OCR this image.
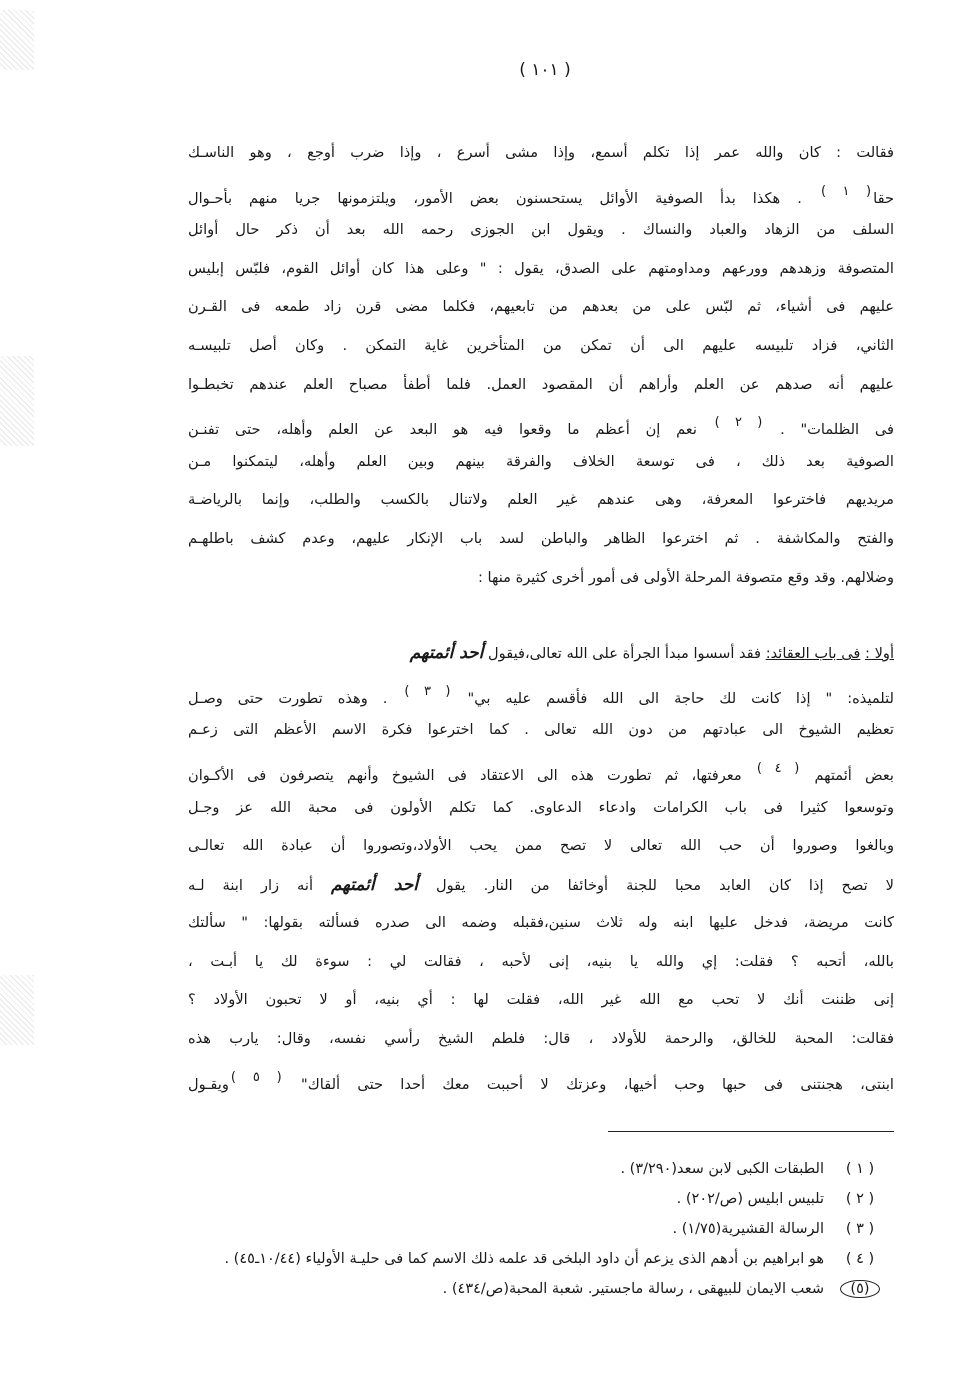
( ١٠١ )
فقالت : كان والله عمر إذا تكلم أسمع، وإذا مشى أسرع ، وإذا ضرب أوجع ، وهو الناسـك
حقا( ١ ) . هكذا بدأ الصوفية الأوائل يستحسنون بعض الأمور، ويلتزمونها جريا منهم بأحـوال
السلف من الزهاد والعباد والنساك . ويقول ابن الجوزى رحمه الله بعد أن ذكر حال أوائل
المتصوفة وزهدهم وورعهم ومداومتهم على الصدق، يقول : " وعلى هذا كان أوائل القوم، فلبّس إبليس
عليهم فى أشياء، ثم لبّس على من بعدهم من تابعيهم، فكلما مضى قرن زاد طمعه فى القـرن
الثاني، فزاد تلبيسه عليهم الى أن تمكن من المتأخرين غاية التمكن . وكان أصل تلبيسـه
عليهم أنه صدهم عن العلم وأراهم أن المقصود العمل. فلما أطفأ مصباح العلم عندهم تخبطـوا
فى الظلمات" . ( ٢ ) نعم إن أعظم ما وقعوا فيه هو البعد عن العلم وأهله، حتى تفنـن
الصوفية بعد ذلك ، فى توسعة الخلاف والفرقة بينهم وبين العلم وأهله، ليتمكنوا مـن
مريديهم فاخترعوا المعرفة، وهى عندهم غير العلم ولاتنال بالكسب والطلب، وإنما بالرياضـة
والفتح والمكاشفة . ثم اخترعوا الظاهر والباطن لسد باب الإنكار عليهم، وعدم كشف باطلهـم
وضلالهم. وقد وقع متصوفة المرحلة الأولى فى أمور أخرى كثيرة منها :
أولا : فى باب العقائد: فقد أسسوا مبدأ الجرأة على الله تعالى،فيقول أحد أئمتهم
لتلميذه: " إذا كانت لك حاجة الى الله فأقسم عليه بي" ( ٣ ) . وهذه تطورت حتى وصـل
تعظيم الشيوخ الى عبادتهم من دون الله تعالى . كما اخترعوا فكرة الاسم الأعظم التى زعـم
بعض أئمتهم ( ٤ ) معرفتها، ثم تطورت هذه الى الاعتقاد فى الشيوخ وأنهم يتصرفون فى الأكـوان
وتوسعوا كثيرا فى باب الكرامات وادعاء الدعاوى. كما تكلم الأولون فى محبة الله عز وجـل
وبالغوا وصوروا أن حب الله تعالى لا تصح ممن يحب الأولاد،وتصوروا أن عبادة الله تعالـى
لا تصح إذا كان العابد محبا للجنة أوخائفا من النار. يقول أحد أئمتهم أنه زار ابنة لـه
كانت مريضة، فدخل عليها ابنه وله ثلاث سنين،فقبله وضمه الى صدره فسألته بقولها: " سألتك
بالله، أتحبه ؟ فقلت: إي والله يا بنيه، إنى لأحبه ، فقالت لي : سوءة لك يا أبـت ،
إنى ظننت أنك لا تحب مع الله غير الله، فقلت لها : أي بنيه، أو لا تحبون الأولاد ؟
فقالت: المحبة للخالق، والرحمة للأولاد ، قال: فلطم الشيخ رأسي نفسه، وقال: يارب هذه
ابنتى، هجنتنى فى حبها وحب أخيها، وعزتك لا أحببت معك أحدا حتى ألقاك" ( ٥ )ويقـول
( ١ )
الطبقات الكبى لابن سعد(٣/٢٩٠) .
( ٢ )
تلبيس ابليس (ص/٢٠٢) .
( ٣ )
الرسالة القشيرية(١/٧٥) .
( ٤ )
هو ابراهيم بن أدهم الذى يزعم أن داود البلخى قد علمه ذلك الاسم كما فى حليـة الأولياء (١٠/٤٤ـ٤٥) .
(٥)
شعب الايمان للبيهقى ، رسالة ماجستير. شعبة المحبة(ص/٤٣٤) .
